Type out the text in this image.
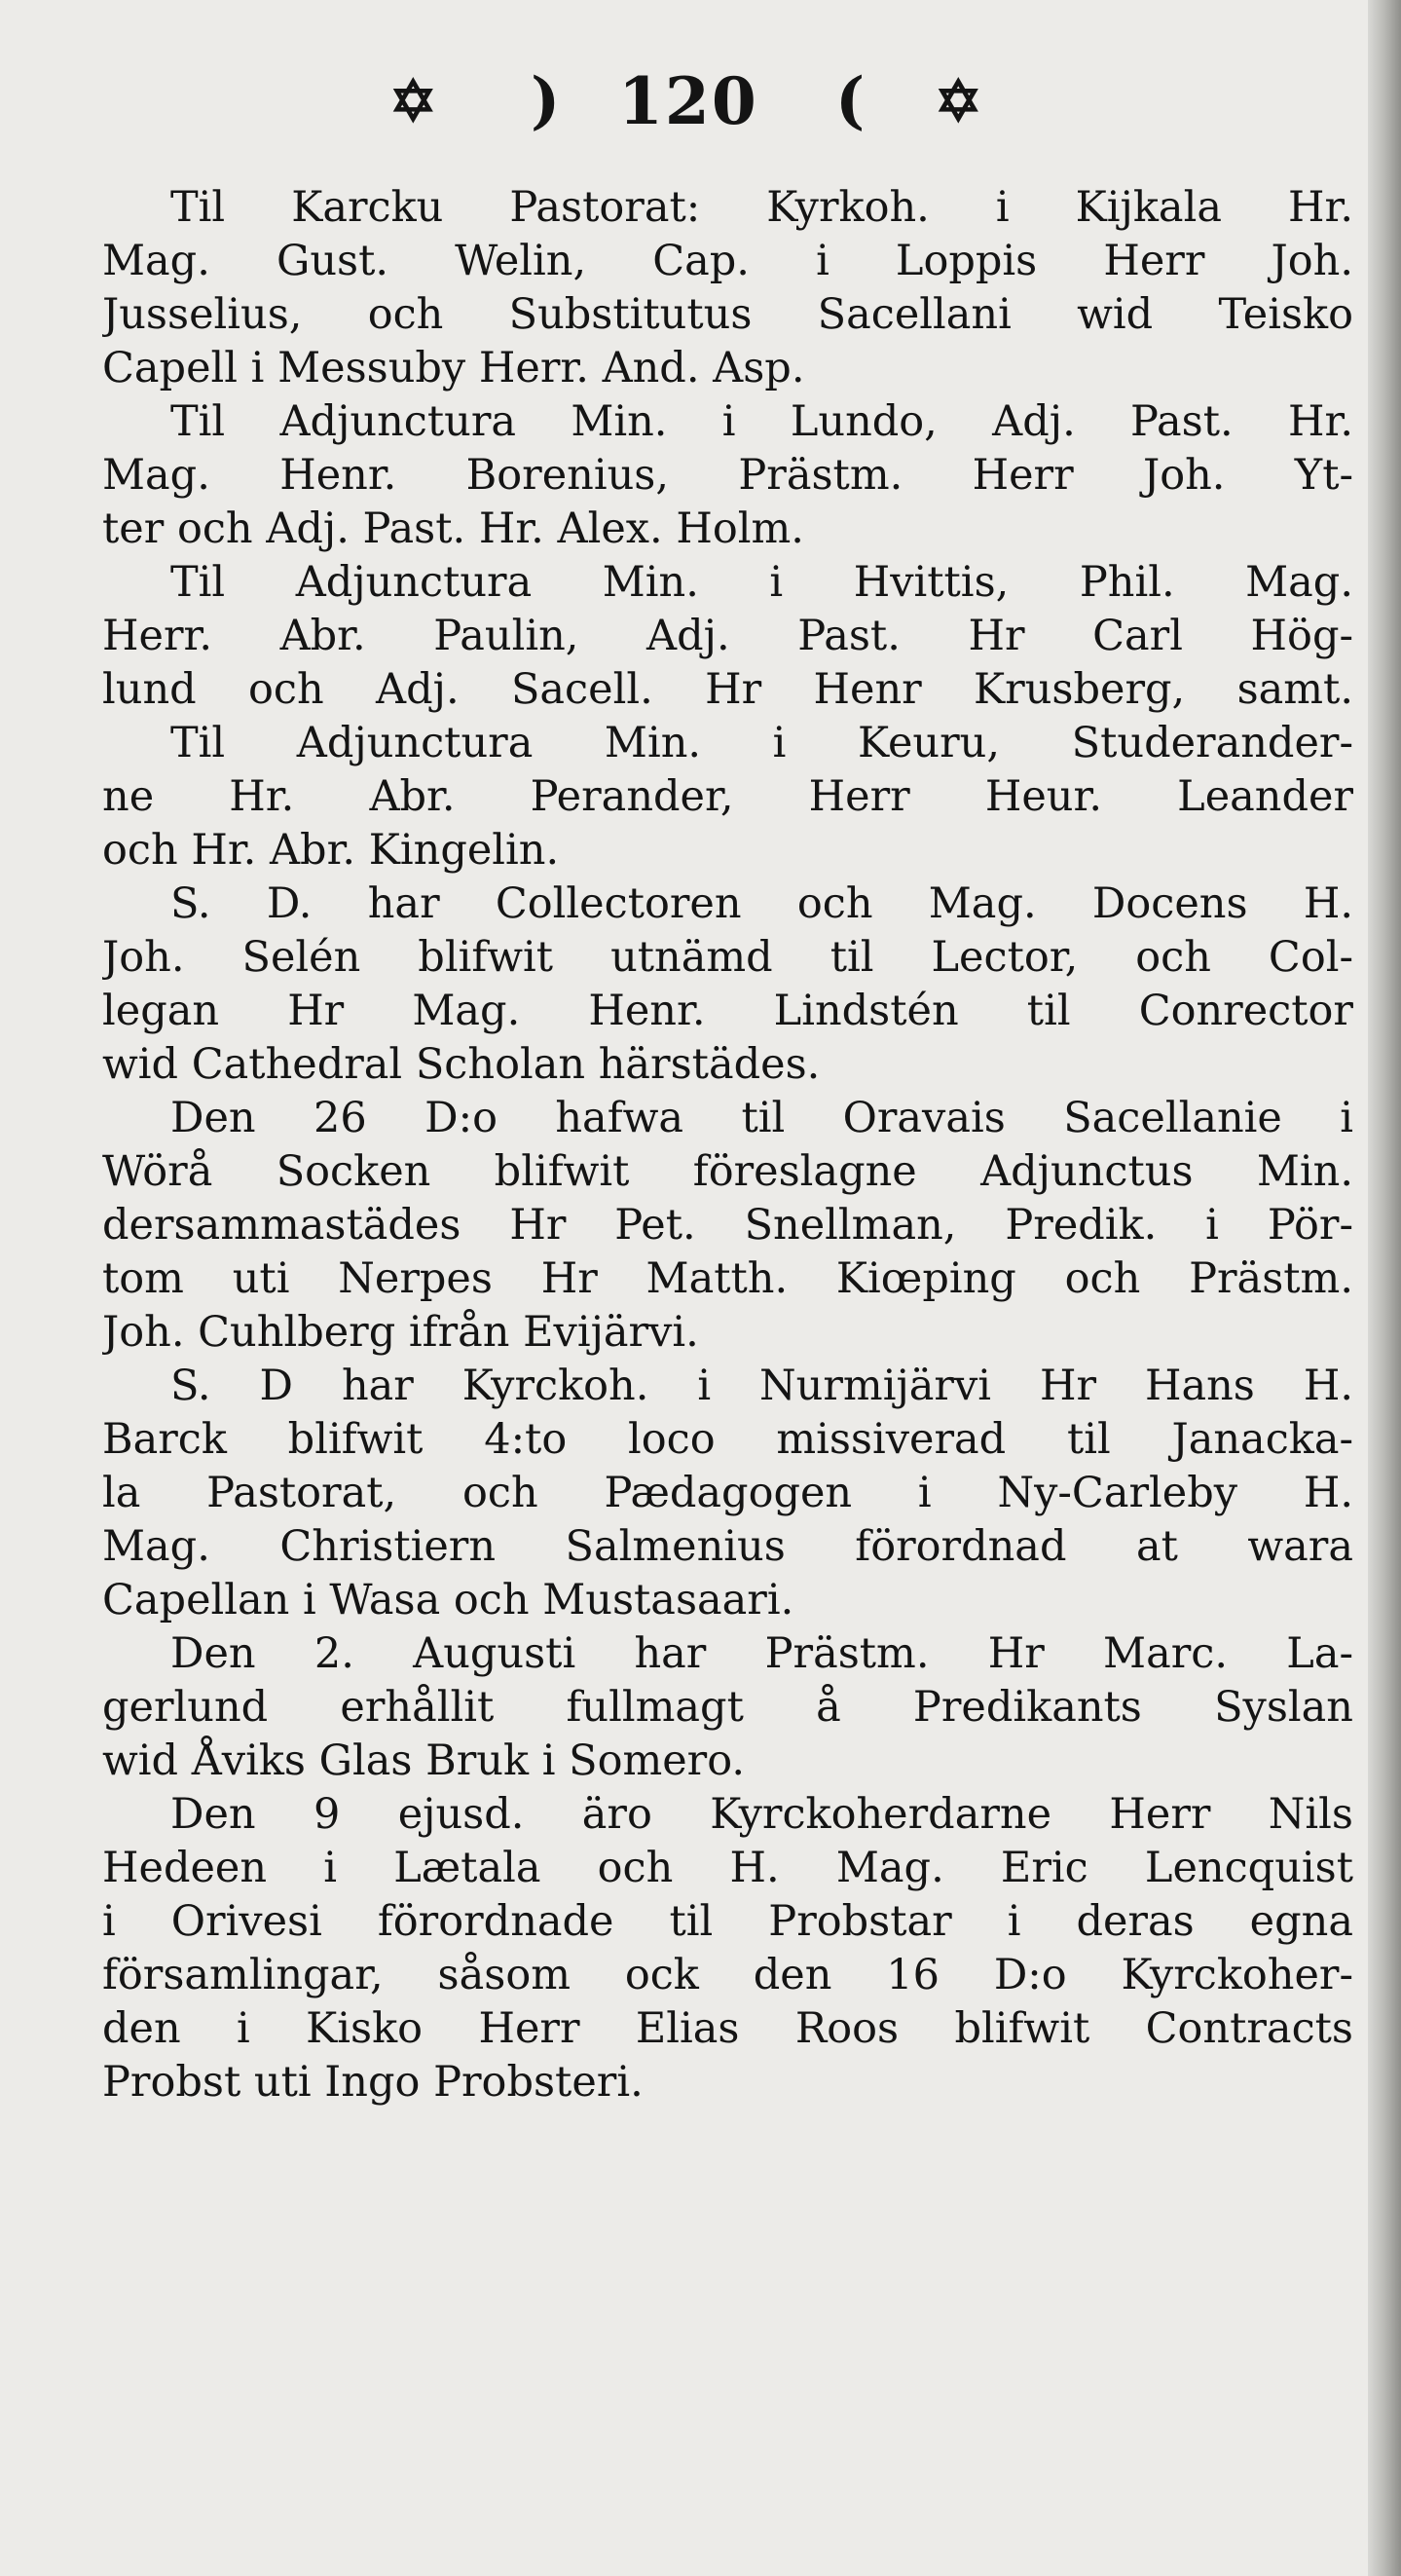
✡ ) 120 ( ✡
Til Karcku Pastorat: Kyrkoh. i Kijkala Hr.
Mag. Gust. Welin, Cap. i Loppis Herr Joh.
Jusselius, och Substitutus Sacellani wid Teisko
Capell i Messuby Herr. And. Asp.
Til Adjunctura Min. i Lundo, Adj. Past. Hr.
Mag. Henr. Borenius, Prästm. Herr Joh. Yt-
ter och Adj. Past. Hr. Alex. Holm.
Til Adjunctura Min. i Hvittis, Phil. Mag.
Herr. Abr. Paulin, Adj. Past. Hr Carl Hög-
lund och Adj. Sacell. Hr Henr Krusberg, samt.
Til Adjunctura Min. i Keuru, Studerander-
ne Hr. Abr. Perander, Herr Heur. Leander
och Hr. Abr. Kingelin.
S. D. har Collectoren och Mag. Docens H.
Joh. Selén blifwit utnämd til Lector, och Col-
legan Hr Mag. Henr. Lindstén til Conrector
wid Cathedral Scholan härstädes.
Den 26 D:o hafwa til Oravais Sacellanie i
Wörå Socken blifwit föreslagne Adjunctus Min.
dersammastädes Hr Pet. Snellman, Predik. i Pör-
tom uti Nerpes Hr Matth. Kiœping och Prästm.
Joh. Cuhlberg ifrån Evijärvi.
S. D har Kyrckoh. i Nurmijärvi Hr Hans H.
Barck blifwit 4:to loco missiverad til Janacka-
la Pastorat, och Pædagogen i Ny-Carleby H.
Mag. Christiern Salmenius förordnad at wara
Capellan i Wasa och Mustasaari.
Den 2. Augusti har Prästm. Hr Marc. La-
gerlund erhållit fullmagt å Predikants Syslan
wid Åviks Glas Bruk i Somero.
Den 9 ejusd. äro Kyrckoherdarne Herr Nils
Hedeen i Lætala och H. Mag. Eric Lencquist
i Orivesi förordnade til Probstar i deras egna
församlingar, såsom ock den 16 D:o Kyrckoher-
den i Kisko Herr Elias Roos blifwit Contracts
Probst uti Ingo Probsteri.
